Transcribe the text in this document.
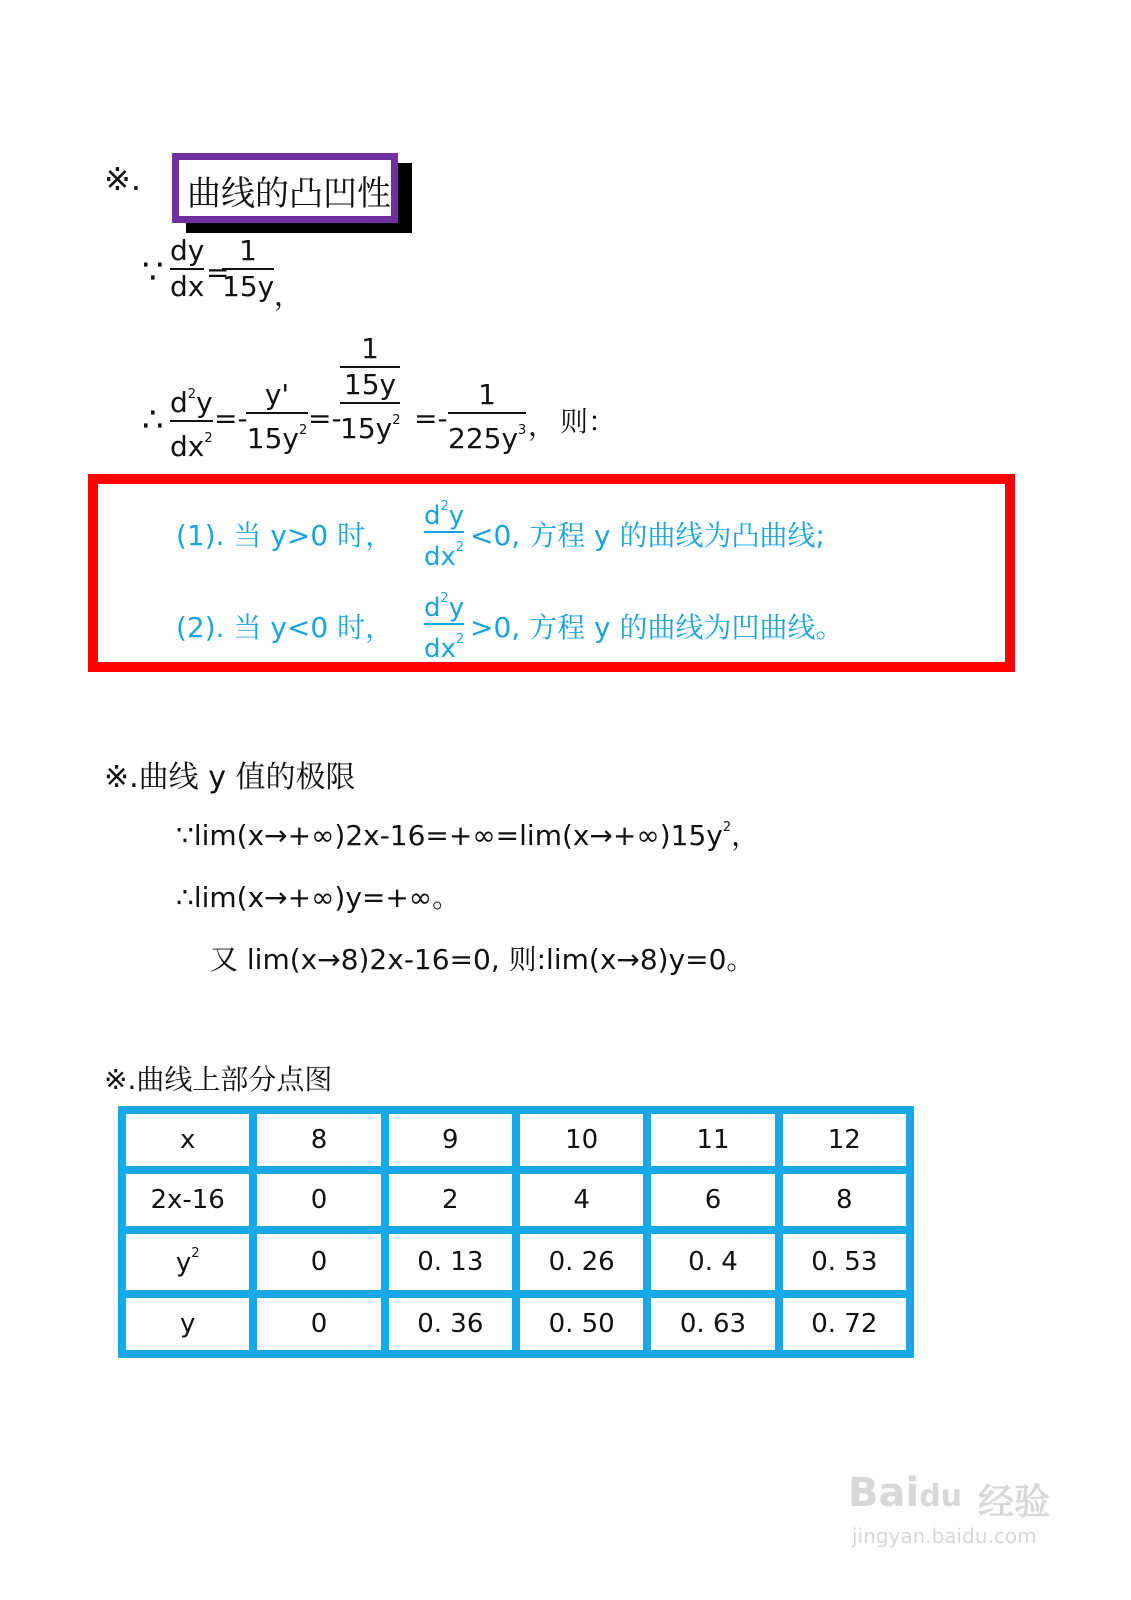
※. 曲线的凸凹性
∵
dy
dx =
1
15y ，
∴ $d^2y$
$dx^2$
=-
y'
$15y^2$ =-
1
15y
$15y^2$ =-
1
$225y^3$ ， 则：
(1). 当 y>0 时，
$d^2y$
$dx^2 <0$, 方程 y 的曲线为凸曲线;
(2). 当 y<0 时，
$d^2y$
$dx^2 >0$, 方程 y 的曲线为凹曲线。
※.曲线 y 值的极限
$\because\lim(x\to+\infty)2x-16=+\infty=\lim(x\to+\infty)15y^2$，
∴lim(x→+∞)y=+∞。
又 lim(x→8)2x-16=0, 则:lim(x→8)y=0。
※.曲线上部分点图
x	8	9	10	11	12
2x-16	0	2	4	6	8
$y^2$	0	0. 13	0. 26	0. 4	0. 53
y	0	0. 36	0. 50	0. 63	0. 72
Baidu 经验
jingyan.baidu.com
